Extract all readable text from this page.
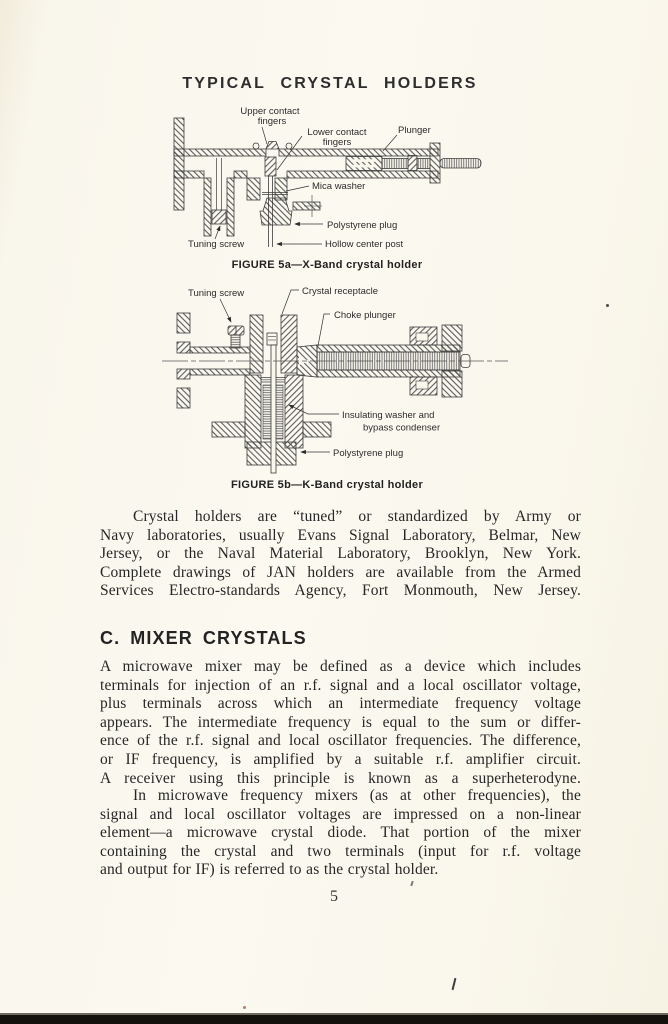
TYPICAL CRYSTAL HOLDERS
Upper contact
fingers
Lower contact
fingers
Plunger
Mica washer
Polystyrene plug
Hollow center post
Tuning screw
FIGURE 5a—X-Band crystal holder
Tuning screw	Crystal receptacle
Choke plunger
Insulating washer and
bypass condenser
Polystyrene plug
FIGURE 5b—K-Band crystal holder
Crystal holders are “tuned” or standardized by Army or
Navy laboratories, usually Evans Signal Laboratory, Belmar, New
Jersey, or the Naval Material Laboratory, Brooklyn, New York.
Complete drawings of JAN holders are available from the Armed
Services Electro-standards Agency, Fort Monmouth, New Jersey.
C. MIXER CRYSTALS
A microwave mixer may be defined as a device which includes
terminals for injection of an r.f. signal and a local oscillator voltage,
plus terminals across which an intermediate frequency voltage
appears. The intermediate frequency is equal to the sum or differ-
ence of the r.f. signal and local oscillator frequencies. The difference,
or IF frequency, is amplified by a suitable r.f. amplifier circuit.
A receiver using this principle is known as a superheterodyne.
In microwave frequency mixers (as at other frequencies), the
signal and local oscillator voltages are impressed on a non-linear
element—a microwave crystal diode. That portion of the mixer
containing the crystal and two terminals (input for r.f. voltage
and output for IF) is referred to as the crystal holder.
5
